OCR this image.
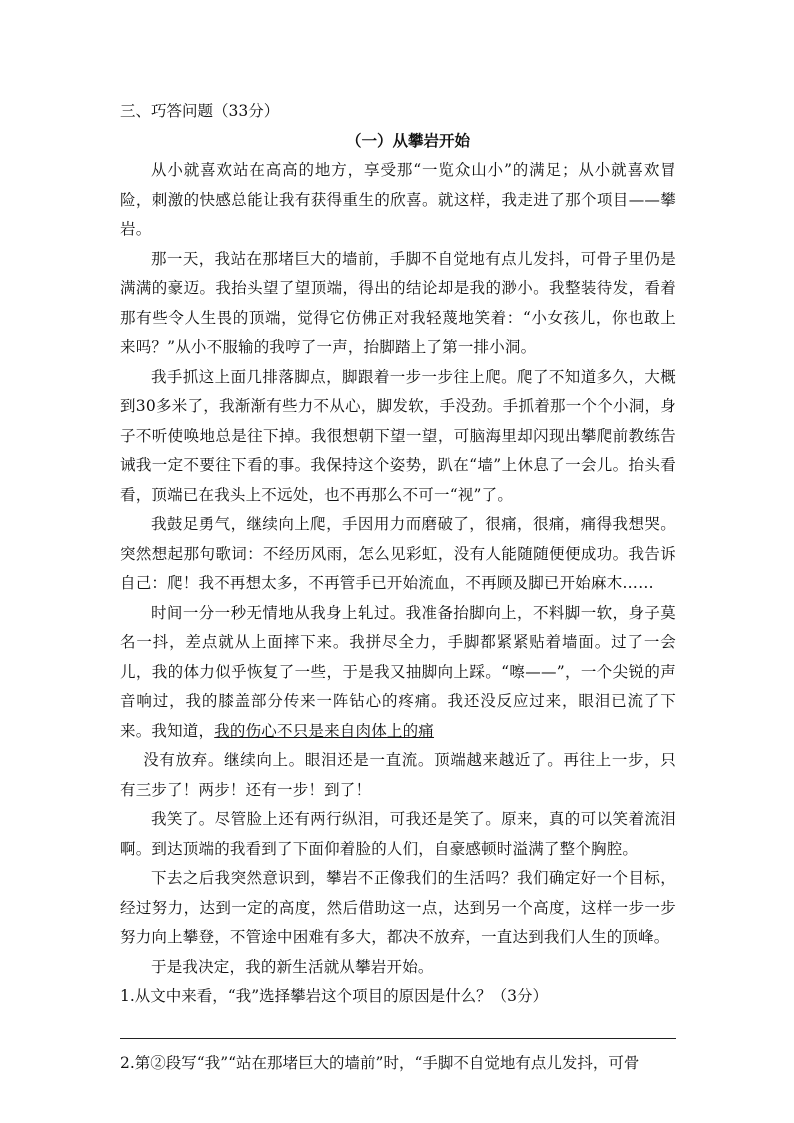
三、巧答问题（33分）

（一）从攀岩开始

从小就喜欢站在高高的地方，享受那“一览众山小”的满足；从小就喜欢冒险，刺激的快感总能让我有获得重生的欣喜。就这样，我走进了那个项目——攀岩。

那一天，我站在那堵巨大的墙前，手脚不自觉地有点儿发抖，可骨子里仍是满满的豪迈。我抬头望了望顶端，得出的结论却是我的渺小。我整装待发，看着那有些令人生畏的顶端，觉得它仿佛正对我轻蔑地笑着：“小女孩儿，你也敢上来吗？”从小不服输的我哼了一声，抬脚踏上了第一排小洞。

我手抓这上面几排落脚点，脚跟着一步一步往上爬。爬了不知道多久，大概到30多米了，我渐渐有些力不从心，脚发软，手没劲。手抓着那一个个小洞，身子不听使唤地总是往下掉。我很想朝下望一望，可脑海里却闪现出攀爬前教练告诫我一定不要往下看的事。我保持这个姿势，趴在“墙”上休息了一会儿。抬头看看，顶端已在我头上不远处，也不再那么不可一“视”了。

我鼓足勇气，继续向上爬，手因用力而磨破了，很痛，很痛，痛得我想哭。突然想起那句歌词：不经历风雨，怎么见彩虹，没有人能随随便便成功。我告诉自己：爬！我不再想太多，不再管手已开始流血，不再顾及脚已开始麻木……

时间一分一秒无情地从我身上轧过。我准备抬脚向上，不料脚一软，身子莫名一抖，差点就从上面摔下来。我拼尽全力，手脚都紧紧贴着墙面。过了一会儿，我的体力似乎恢复了一些，于是我又抽脚向上踩。“嚓——”，一个尖锐的声音响过，我的膝盖部分传来一阵钻心的疼痛。我还没反应过来，眼泪已流了下来。我知道，我的伤心不只是来自肉体上的痛

没有放弃。继续向上。眼泪还是一直流。顶端越来越近了。再往上一步，只有三步了！两步！还有一步！到了！

我笑了。尽管脸上还有两行纵泪，可我还是笑了。原来，真的可以笑着流泪啊。到达顶端的我看到了下面仰着脸的人们，自豪感顿时溢满了整个胸腔。

下去之后我突然意识到，攀岩不正像我们的生活吗？我们确定好一个目标，经过努力，达到一定的高度，然后借助这一点，达到另一个高度，这样一步一步努力向上攀登，不管途中困难有多大，都决不放弃，一直达到我们人生的顶峰。

于是我决定，我的新生活就从攀岩开始。

1.从文中来看，“我”选择攀岩这个项目的原因是什么？（3分）

2.第②段写“我”“站在那堵巨大的墙前”时，“手脚不自觉地有点儿发抖，可骨
